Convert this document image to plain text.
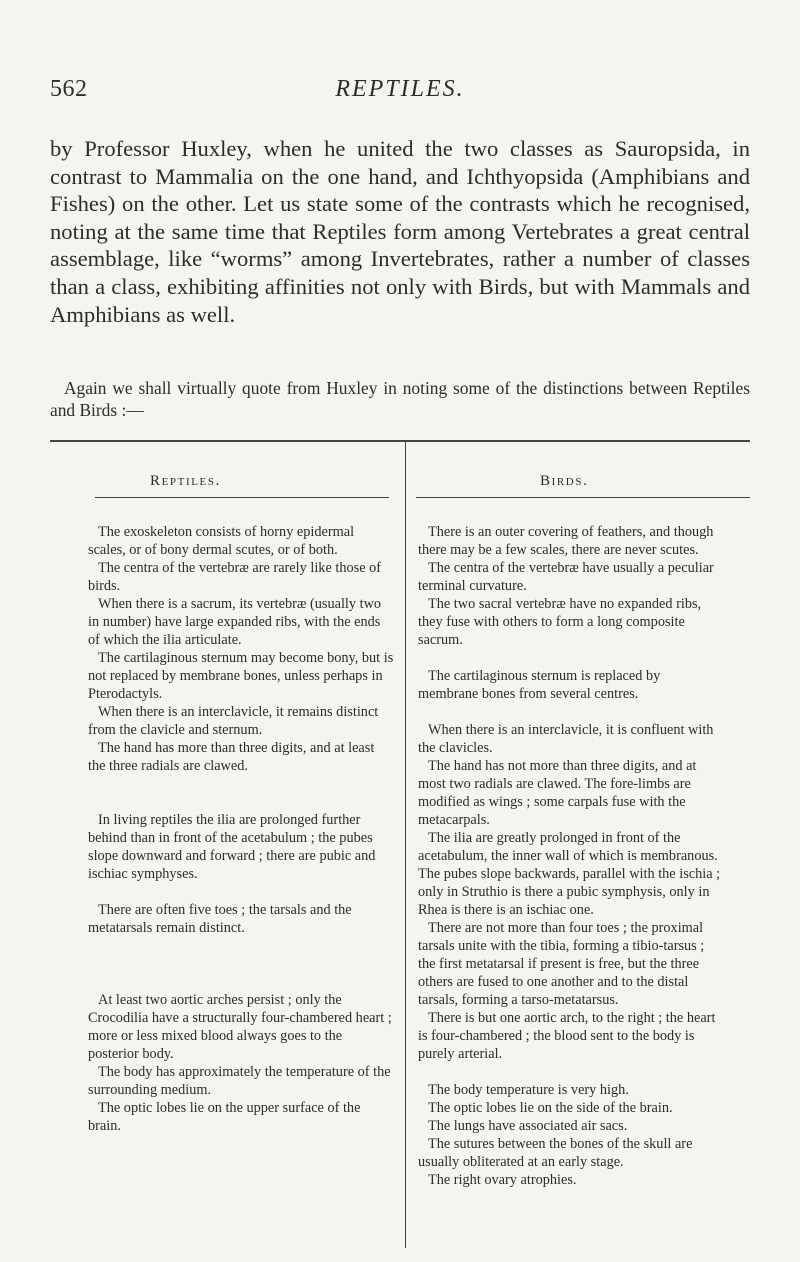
562	REPTILES.
by Professor Huxley, when he united the two classes as Sauropsida, in contrast to Mammalia on the one hand, and Ichthyopsida (Amphibians and Fishes) on the other. Let us state some of the contrasts which he recognised, noting at the same time that Reptiles form among Vertebrates a great central assemblage, like “worms” among Invertebrates, rather a number of classes than a class, exhibiting affinities not only with Birds, but with Mammals and Amphibians as well.
Again we shall virtually quote from Huxley in noting some of the distinctions between Reptiles and Birds :—
Reptiles.	Birds.

The exoskeleton consists of horny epidermal scales, or of bony dermal scutes, or of both.

The centra of the vertebræ are rarely like those of birds.

When there is a sacrum, its vertebræ (usually two in number) have large expanded ribs, with the ends of which the ilia articulate.

The cartilaginous sternum may become bony, but is not replaced by membrane bones, unless perhaps in Pterodactyls.

When there is an interclavicle, it remains distinct from the clavicle and sternum.

The hand has more than three digits, and at least the three radials are clawed.

In living reptiles the ilia are prolonged further behind than in front of the acetabulum ; the pubes slope downward and forward ; there are pubic and ischiac symphyses.

There are often five toes ; the tarsals and the metatarsals remain distinct.

At least two aortic arches persist ; only the Crocodilia have a structurally four-chambered heart ; more or less mixed blood always goes to the posterior body.

The body has approximately the temperature of the surrounding medium.

The optic lobes lie on the upper surface of the brain.

There is an outer covering of feathers, and though there may be a few scales, there are never scutes.

The centra of the vertebræ have usually a peculiar terminal curvature.

The two sacral vertebræ have no expanded ribs, they fuse with others to form a long composite sacrum.

The cartilaginous sternum is replaced by membrane bones from several centres.

When there is an interclavicle, it is confluent with the clavicles.

The hand has not more than three digits, and at most two radials are clawed. The fore-limbs are modified as wings ; some carpals fuse with the metacarpals.

The ilia are greatly prolonged in front of the acetabulum, the inner wall of which is membranous. The pubes slope backwards, parallel with the ischia ; only in Struthio is there a pubic symphysis, only in Rhea is there is an ischiac one.

There are not more than four toes ; the proximal tarsals unite with the tibia, forming a tibio-tarsus ; the first metatarsal if present is free, but the three others are fused to one another and to the distal tarsals, forming a tarso-metatarsus.

There is but one aortic arch, to the right ; the heart is four-chambered ; the blood sent to the body is purely arterial.

The body temperature is very high.

The optic lobes lie on the side of the brain.

The lungs have associated air sacs.

The sutures between the bones of the skull are usually obliterated at an early stage.

The right ovary atrophies.
